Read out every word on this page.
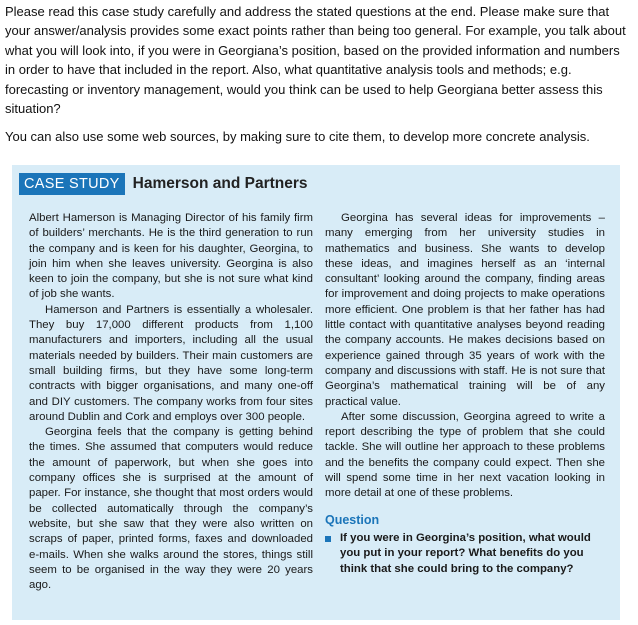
Please read this case study carefully and address the stated questions at the end. Please make sure that your answer/analysis provides some exact points rather than being too general. For example, you talk about what you will look into, if you were in Georgiana’s position, based on the provided information and numbers in order to have that included in the report. Also, what quantitative analysis tools and methods; e.g. forecasting or inventory management, would you think can be used to help Georgiana better assess this situation?

You can also use some web sources, by making sure to cite them, to develop more concrete analysis.

CASE STUDY Hamerson and Partners

Albert Hamerson is Managing Director of his family firm of builders’ merchants. He is the third generation to run the company and is keen for his daughter, Georgina, to join him when she leaves university. Georgina is also keen to join the company, but she is not sure what kind of job she wants.

Hamerson and Partners is essentially a wholesaler. They buy 17,000 different products from 1,100 manufacturers and importers, including all the usual materials needed by builders. Their main customers are small building firms, but they have some long-term contracts with bigger organisations, and many one-off and DIY customers. The company works from four sites around Dublin and Cork and employs over 300 people.

Georgina feels that the company is getting behind the times. She assumed that computers would reduce the amount of paperwork, but when she goes into company offices she is surprised at the amount of paper. For instance, she thought that most orders would be collected automatically through the company’s website, but she saw that they were also written on scraps of paper, printed forms, faxes and downloaded e-mails. When she walks around the stores, things still seem to be organised in the way they were 20 years ago.

Georgina has several ideas for improvements – many emerging from her university studies in mathematics and business. She wants to develop these ideas, and imagines herself as an ‘internal consultant’ looking around the company, finding areas for improvement and doing projects to make operations more efficient. One problem is that her father has had little contact with quantitative analyses beyond reading the company accounts. He makes decisions based on experience gained through 35 years of work with the company and discussions with staff. He is not sure that Georgina’s mathematical training will be of any practical value.

After some discussion, Georgina agreed to write a report describing the type of problem that she could tackle. She will outline her approach to these problems and the benefits the company could expect. Then she will spend some time in her next vacation looking in more detail at one of these problems.

Question
If you were in Georgina’s position, what would you put in your report? What benefits do you think that she could bring to the company?
